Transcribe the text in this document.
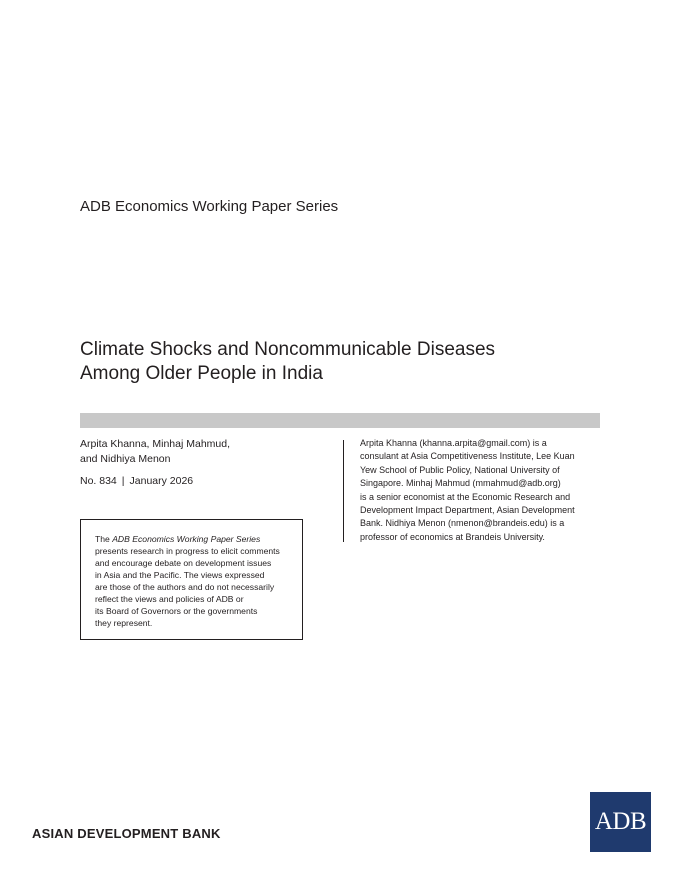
ADB Economics Working Paper Series
Climate Shocks and Noncommunicable Diseases
Among Older People in India
Arpita Khanna, Minhaj Mahmud,
and Nidhiya Menon
No. 834 | January 2026
Arpita Khanna (khanna.arpita@gmail.com) is a
consulant at Asia Competitiveness Institute, Lee Kuan
Yew School of Public Policy, National University of
Singapore. Minhaj Mahmud (mmahmud@adb.org)
is a senior economist at the Economic Research and
Development Impact Department, Asian Development
Bank. Nidhiya Menon (nmenon@brandeis.edu) is a
professor of economics at Brandeis University.
The ADB Economics Working Paper Series
presents research in progress to elicit comments
and encourage debate on development issues
in Asia and the Pacific. The views expressed
are those of the authors and do not necessarily
reflect the views and policies of ADB or
its Board of Governors or the governments
they represent.
ASIAN DEVELOPMENT BANK	ADB
